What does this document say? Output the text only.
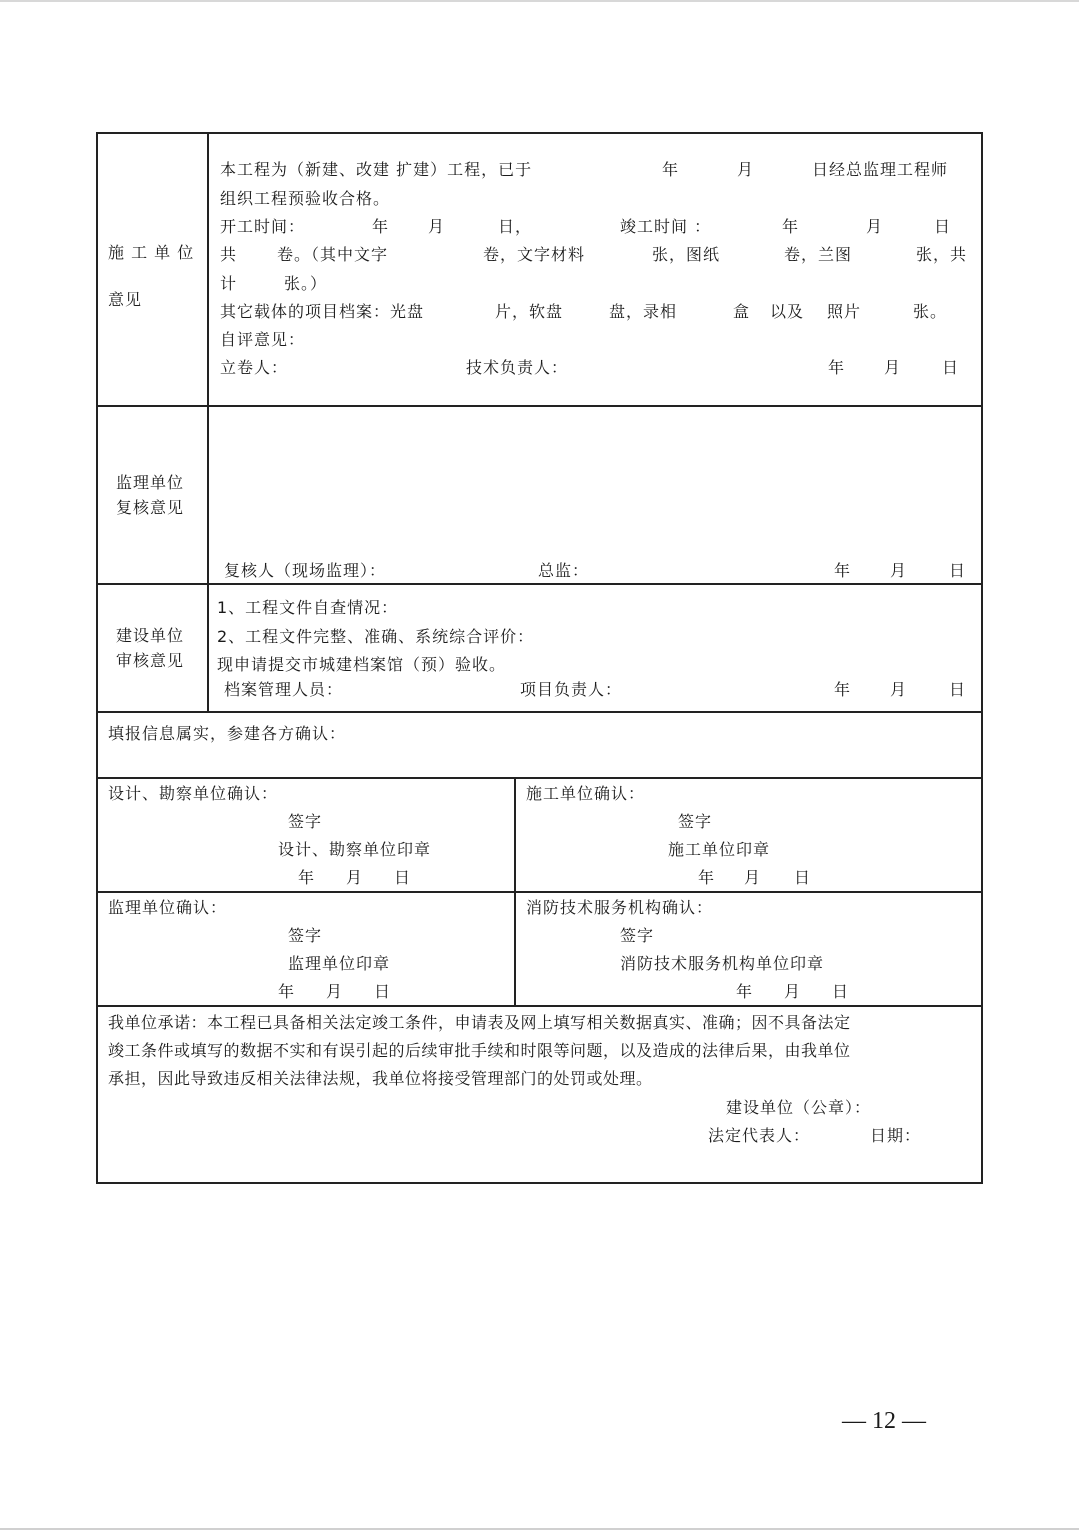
施 工 单 位
意见
本工程为（新建、改建 扩建）工程，已于	年	月	日经总监理工程师
组织工程预验收合格。
开工时间：	年 月	日，	竣工时间 ：	年	月	日
共 卷。（其中文字	卷，文字材料	张，图纸	卷，兰图	张，共
计	张。）
其它载体的项目档案：光盘	片，软盘	盘，录相	盒 以及 照片	张。
自评意见：
立卷人：	技术负责人：	年 月	日
监理单位
复核意见
复核人（现场监理）：	总监：	年 月	日
建设单位
审核意见
1、工程文件自查情况：
2、工程文件完整、准确、系统综合评价：
现申请提交市城建档案馆（预）验收。
档案管理人员：	项目负责人：	年 月	日
填报信息属实，参建各方确认：
设计、勘察单位确认：
签字
设计、勘察单位印章
年 月 日
施工单位确认：
签字
施工单位印章
年 月 日
监理单位确认：
签字
监理单位印章
年 月 日
消防技术服务机构确认：
签字
消防技术服务机构单位印章
年 月 日
我单位承诺：本工程已具备相关法定竣工条件，申请表及网上填写相关数据真实、准确；因不具备法定
竣工条件或填写的数据不实和有误引起的后续审批手续和时限等问题，以及造成的法律后果，由我单位
承担，因此导致违反相关法律法规，我单位将接受管理部门的处罚或处理。
建设单位（公章）：
法定代表人：	日期：
— 12 —
